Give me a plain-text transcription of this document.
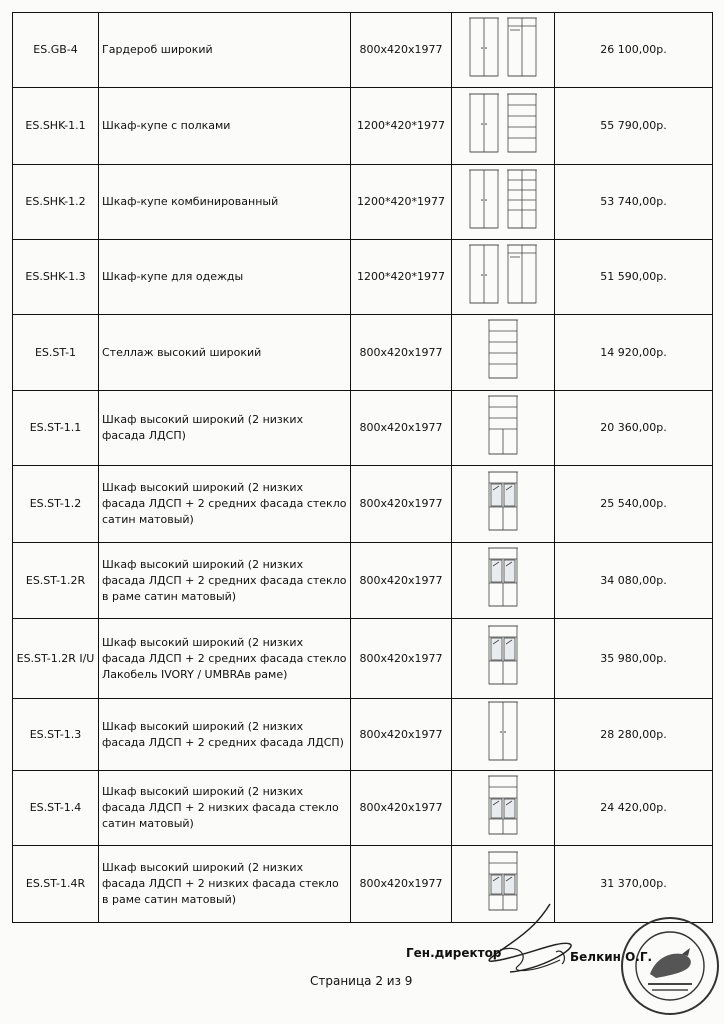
ES.GB-4	Гардероб широкий	800x420x1977		26 100,00р.
ES.SHK-1.1	Шкаф-купе с полками	1200*420*1977		55 790,00р.
ES.SHK-1.2	Шкаф-купе комбинированный	1200*420*1977		53 740,00р.
ES.SHK-1.3	Шкаф-купе для одежды	1200*420*1977		51 590,00р.
ES.ST-1	Стеллаж высокий широкий	800x420x1977		14 920,00р.
ES.ST-1.1	Шкаф высокий широкий (2 низких фасада ЛДСП)	800x420x1977		20 360,00р.
ES.ST-1.2	Шкаф высокий широкий (2 низких фасада ЛДСП + 2 средних фасада стекло сатин матовый)	800x420x1977		25 540,00р.
ES.ST-1.2R	Шкаф высокий широкий (2 низких фасада ЛДСП + 2 средних фасада стекло в раме сатин матовый)	800x420x1977		34 080,00р.
ES.ST-1.2R I/U	Шкаф высокий широкий (2 низких фасада ЛДСП + 2 средних фасада стекло Лакобель IVORY / UMBRAв раме)	800x420x1977		35 980,00р.
ES.ST-1.3	Шкаф высокий широкий (2 низких фасада ЛДСП + 2 средних фасада ЛДСП)	800x420x1977		28 280,00р.
ES.ST-1.4	Шкаф высокий широкий (2 низких фасада ЛДСП + 2 низких фасада стекло сатин матовый)	800x420x1977		24 420,00р.
ES.ST-1.4R	Шкаф высокий широкий (2 низких фасада ЛДСП + 2 низких фасада стекло в раме сатин матовый)	800x420x1977		31 370,00р.
Ген.директор	Белкин О.Г.
Страница 2 из 9
